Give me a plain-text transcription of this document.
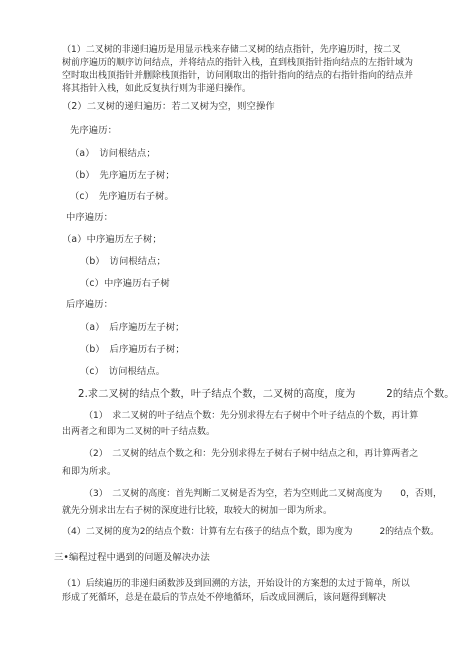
（1）二叉树的非递归遍历是用显示栈来存储二叉树的结点指针，先序遍历时，按二叉
树前序遍历的顺序访问结点，并将结点的指针入栈，直到栈顶指针指向结点的左指针域为
空时取出栈顶指针并删除栈顶指针，访问刚取出的指针指向的结点的右指针指向的结点并
将其指针入栈，如此反复执行则为非递归操作。
（2）二叉树的递归遍历：若二叉树为空，则空操作
先序遍历：
（a）　访问根结点；
（b）　先序遍历左子树；
（c）　先序遍历右子树。
中序遍历：
（a）中序遍历左子树；
（b）　访问根结点；
（c）中序遍历右子树
后序遍历：
（a）　后序遍历左子树；
（b）　后序遍历右子树；
（c）　访问根结点。
2.求二叉树的结点个数，叶子结点个数，二叉树的高度，度为　　　2的结点个数。
（1）　求二叉树的叶子结点个数：先分别求得左右子树中个叶子结点的个数，再计算
出两者之和即为二叉树的叶子结点数。
（2）　二叉树的结点个数之和：先分别求得左子树右子树中结点之和，再计算两者之
和即为所求。
（3）　二叉树的高度：首先判断二叉树是否为空，若为空则此二叉树高度为　　0，否则，
就先分别求出左右子树的深度进行比较，取较大的树加一即为所求。
（4）二叉树的度为2的结点个数：计算有左右孩子的结点个数，即为度为　　　2的结点个数。
三•编程过程中遇到的问题及解决办法
（1）后续遍历的非递归函数涉及到回溯的方法，开始设计的方案想的太过于简单，所以
形成了死循环，总是在最后的节点处不停地循环，后改成回溯后，该问题得到解决
